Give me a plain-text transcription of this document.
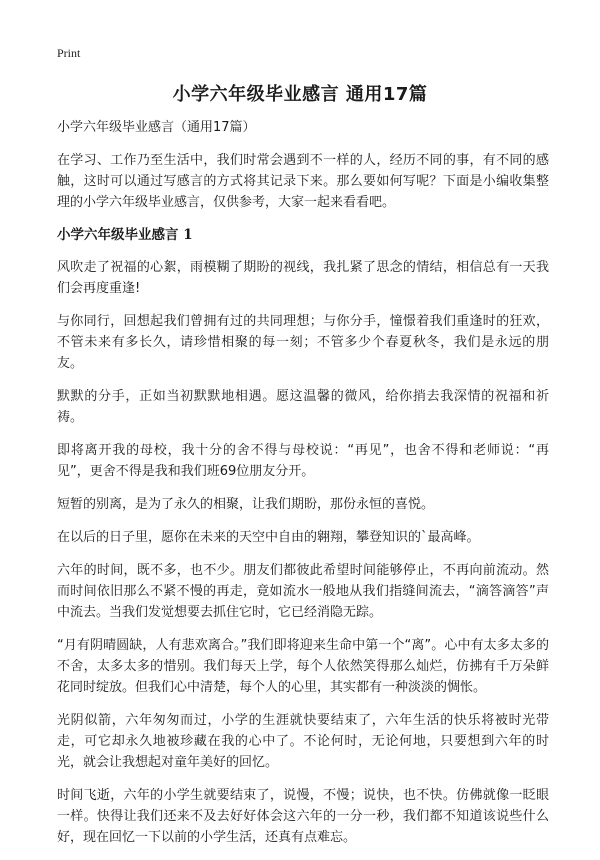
Print
小学六年级毕业感言 通用17篇

小学六年级毕业感言（通用17篇）

在学习、工作乃至生活中，我们时常会遇到不一样的人，经历不同的事，有不同的感触，这时可以通过写感言的方式将其记录下来。那么要如何写呢？下面是小编收集整理的小学六年级毕业感言，仅供参考，大家一起来看看吧。

小学六年级毕业感言 1

风吹走了祝福的心絮，雨模糊了期盼的视线，我扎紧了思念的情结，相信总有一天我们会再度重逢!

与你同行，回想起我们曾拥有过的共同理想；与你分手，憧憬着我们重逢时的狂欢，不管未来有多长久，请珍惜相聚的每一刻；不管多少个春夏秋冬，我们是永远的朋友。

默默的分手，正如当初默默地相遇。愿这温馨的微风，给你捎去我深情的祝福和祈祷。

即将离开我的母校，我十分的舍不得与母校说：“再见”，也舍不得和老师说：“再见”，更舍不得是我和我们班69位朋友分开。

短暂的别离，是为了永久的相聚，让我们期盼，那份永恒的喜悦。

在以后的日子里，愿你在未来的天空中自由的翱翔，攀登知识的`最高峰。

六年的时间，既不多，也不少。朋友们都彼此希望时间能够停止，不再向前流动。然而时间依旧那么不紧不慢的再走，竟如流水一般地从我们指缝间流去，“滴答滴答”声中流去。当我们发觉想要去抓住它时，它已经消隐无踪。

“月有阴晴圆缺，人有悲欢离合。”我们即将迎来生命中第一个“离”。心中有太多太多的不舍，太多太多的惜别。我们每天上学，每个人依然笑得那么灿烂，仿拂有千万朵鲜花同时绽放。但我们心中清楚，每个人的心里，其实都有一种淡淡的惆怅。

光阴似箭，六年匆匆而过，小学的生涯就快要结束了，六年生活的快乐将被时光带走，可它却永久地被珍藏在我的心中了。不论何时，无论何地，只要想到六年的时光，就会让我想起对童年美好的回忆。

时间飞逝，六年的小学生就要结束了，说慢，不慢；说快，也不快。仿佛就像一眨眼一样。快得让我们还来不及去好好体会这六年的一分一秒，我们都不知道该说些什么好，现在回忆一下以前的小学生活，还真有点难忘。
